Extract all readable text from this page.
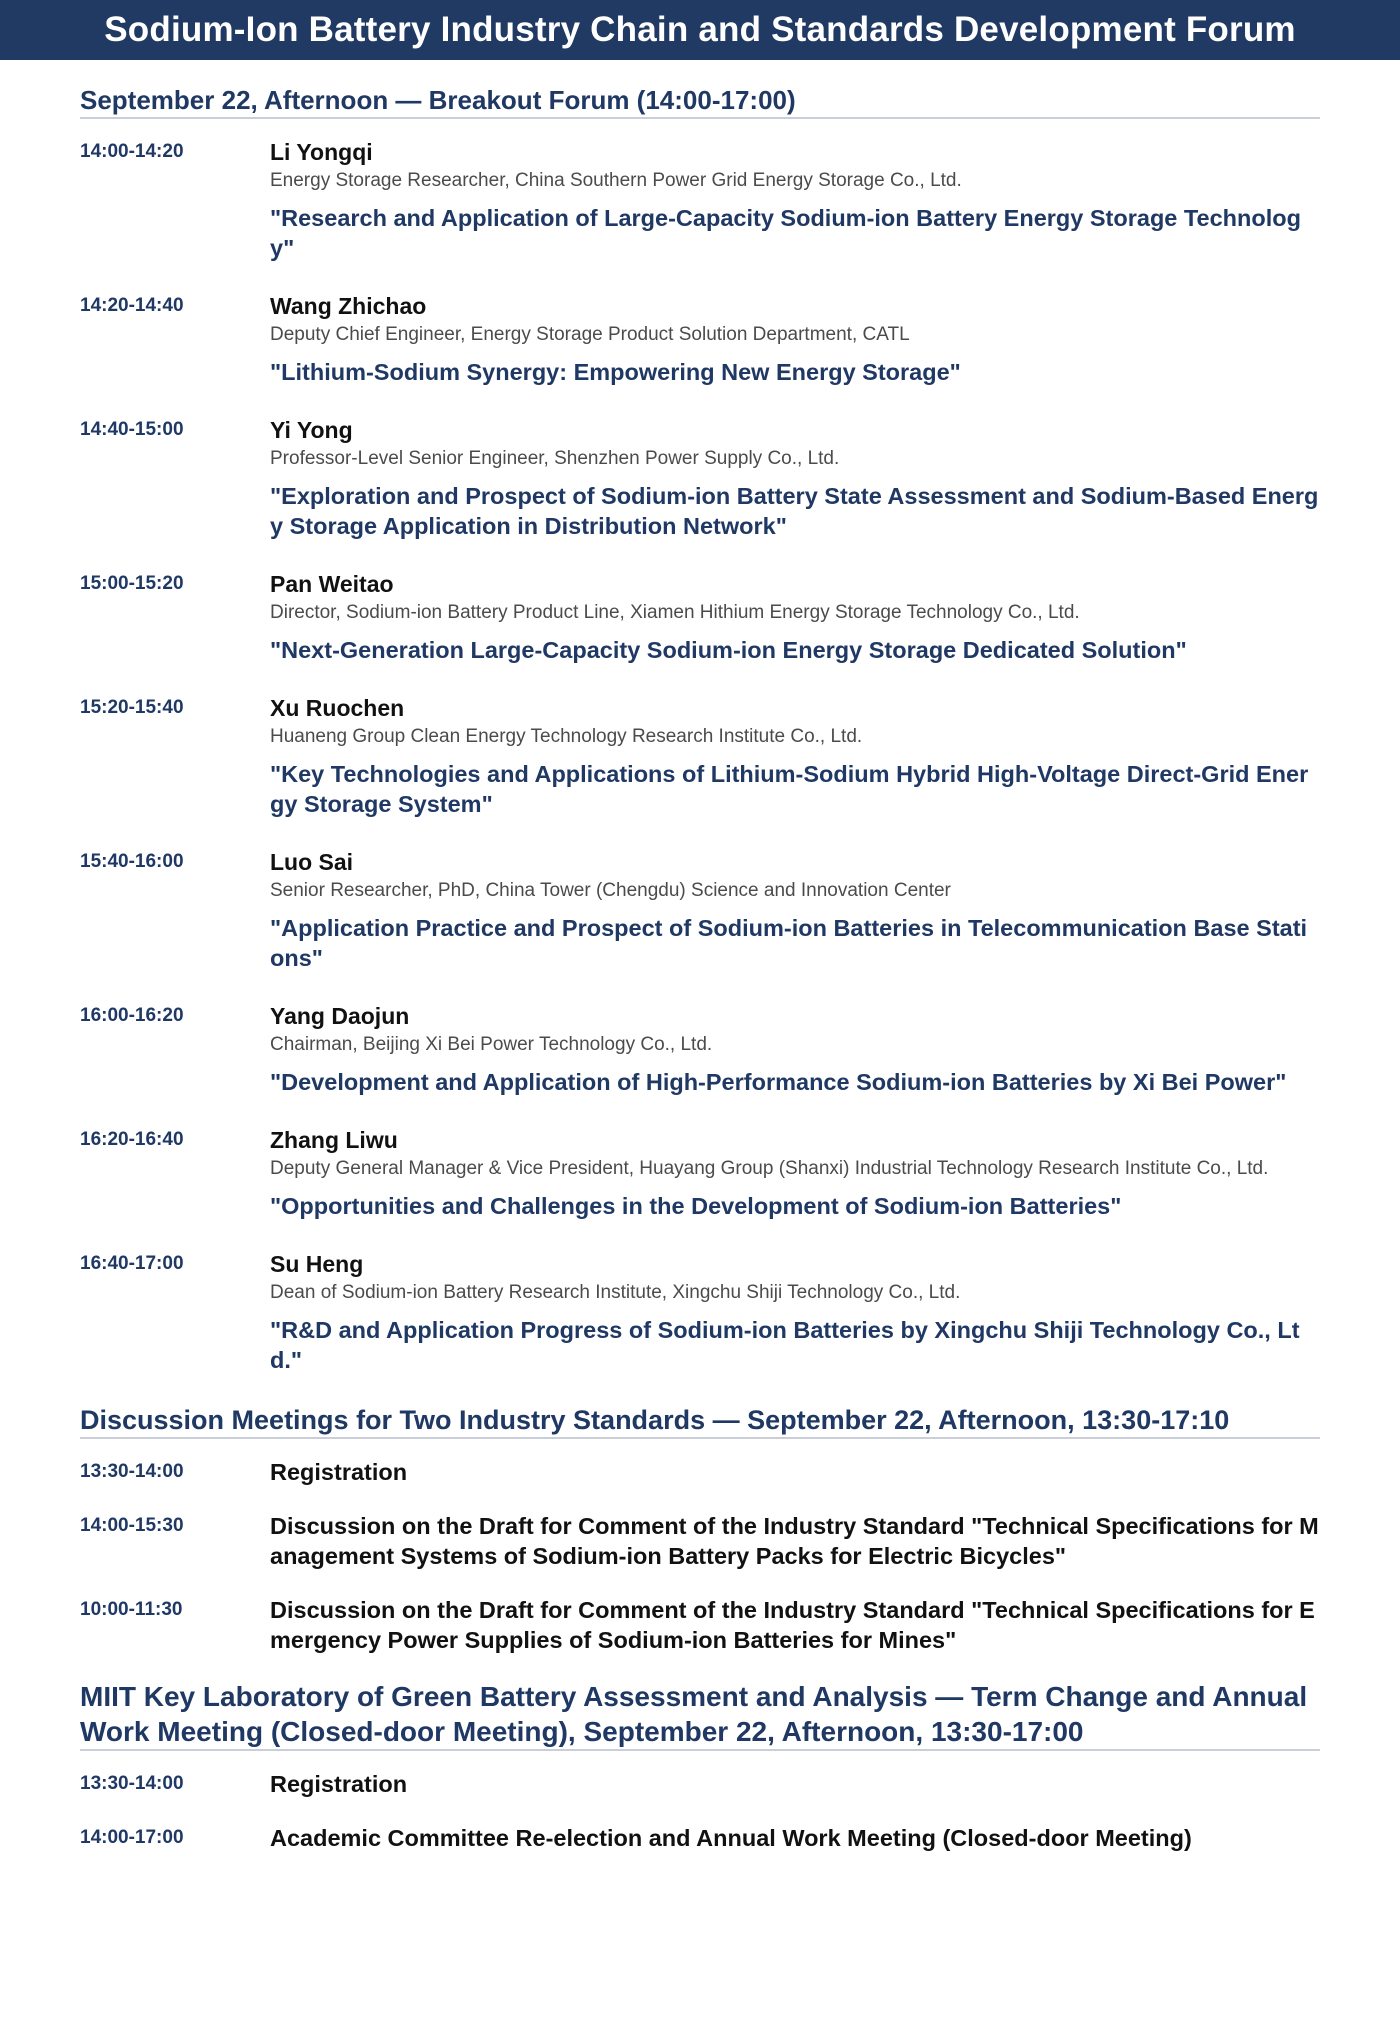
Sodium-Ion Battery Industry Chain and Standards Development Forum
September 22, Afternoon — Breakout Forum (14:00-17:00)
14:00-14:20	Li Yongqi
Energy Storage Researcher, China Southern Power Grid Energy Storage Co., Ltd.
"Research and Application of Large-Capacity Sodium-ion Battery Energy Storage Technology"
14:20-14:40	Wang Zhichao
Deputy Chief Engineer, Energy Storage Product Solution Department, CATL
"Lithium-Sodium Synergy: Empowering New Energy Storage"
14:40-15:00	Yi Yong
Professor-Level Senior Engineer, Shenzhen Power Supply Co., Ltd.
"Exploration and Prospect of Sodium-ion Battery State Assessment and Sodium-Based Energy Storage Application in Distribution Network"
15:00-15:20	Pan Weitao
Director, Sodium-ion Battery Product Line, Xiamen Hithium Energy Storage Technology Co., Ltd.
"Next-Generation Large-Capacity Sodium-ion Energy Storage Dedicated Solution"
15:20-15:40	Xu Ruochen
Huaneng Group Clean Energy Technology Research Institute Co., Ltd.
"Key Technologies and Applications of Lithium-Sodium Hybrid High-Voltage Direct-Grid Energy Storage System"
15:40-16:00	Luo Sai
Senior Researcher, PhD, China Tower (Chengdu) Science and Innovation Center
"Application Practice and Prospect of Sodium-ion Batteries in Telecommunication Base Stations"
16:00-16:20	Yang Daojun
Chairman, Beijing Xi Bei Power Technology Co., Ltd.
"Development and Application of High-Performance Sodium-ion Batteries by Xi Bei Power"
16:20-16:40	Zhang Liwu
Deputy General Manager & Vice President, Huayang Group (Shanxi) Industrial Technology Research Institute Co., Ltd.
"Opportunities and Challenges in the Development of Sodium-ion Batteries"
16:40-17:00	Su Heng
Dean of Sodium-ion Battery Research Institute, Xingchu Shiji Technology Co., Ltd.
"R&D and Application Progress of Sodium-ion Batteries by Xingchu Shiji Technology Co., Ltd."
Discussion Meetings for Two Industry Standards — September 22, Afternoon, 13:30-17:10
13:30-14:00	Registration
14:00-15:30	Discussion on the Draft for Comment of the Industry Standard "Technical Specifications for Management Systems of Sodium-ion Battery Packs for Electric Bicycles"
10:00-11:30	Discussion on the Draft for Comment of the Industry Standard "Technical Specifications for Emergency Power Supplies of Sodium-ion Batteries for Mines"
MIIT Key Laboratory of Green Battery Assessment and Analysis — Term Change and Annual Work Meeting (Closed-door Meeting), September 22, Afternoon, 13:30-17:00
13:30-14:00	Registration
14:00-17:00	Academic Committee Re-election and Annual Work Meeting (Closed-door Meeting)
